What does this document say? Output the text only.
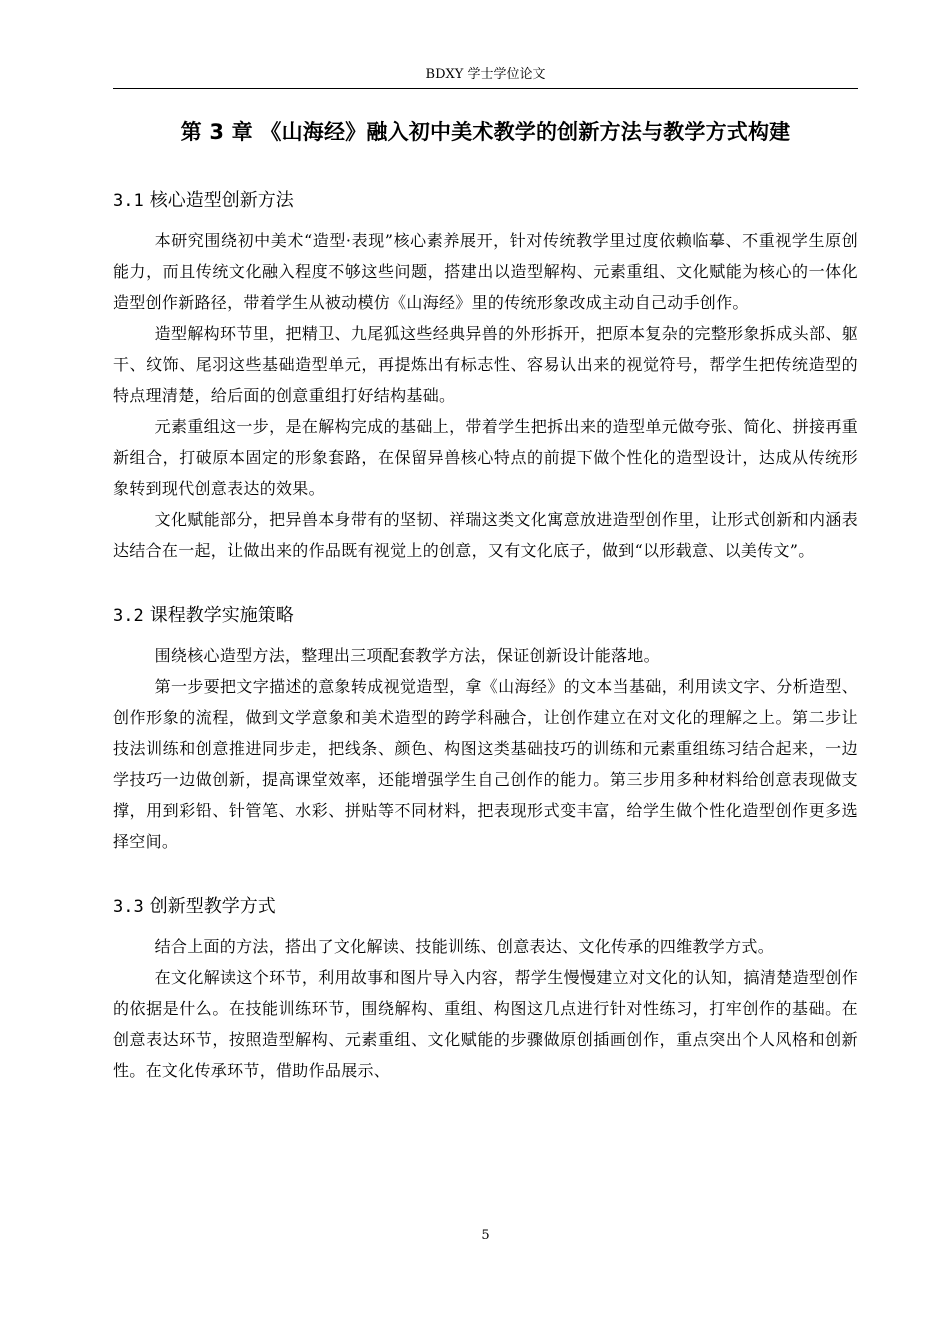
BDXY 学士学位论文
第 3 章 《山海经》融入初中美术教学的创新方法与教学方式构建
3.1 核心造型创新方法

本研究围绕初中美术“造型·表现”核心素养展开，针对传统教学里过度依赖临摹、不重视学生原创能力，而且传统文化融入程度不够这些问题，搭建出以造型解构、元素重组、文化赋能为核心的一体化造型创作新路径，带着学生从被动模仿《山海经》里的传统形象改成主动自己动手创作。

造型解构环节里，把精卫、九尾狐这些经典异兽的外形拆开，把原本复杂的完整形象拆成头部、躯干、纹饰、尾羽这些基础造型单元，再提炼出有标志性、容易认出来的视觉符号，帮学生把传统造型的特点理清楚，给后面的创意重组打好结构基础。

元素重组这一步，是在解构完成的基础上，带着学生把拆出来的造型单元做夸张、简化、拼接再重新组合，打破原本固定的形象套路，在保留异兽核心特点的前提下做个性化的造型设计，达成从传统形象转到现代创意表达的效果。

文化赋能部分，把异兽本身带有的坚韧、祥瑞这类文化寓意放进造型创作里，让形式创新和内涵表达结合在一起，让做出来的作品既有视觉上的创意，又有文化底子，做到“以形载意、以美传文”。

3.2 课程教学实施策略

围绕核心造型方法，整理出三项配套教学方法，保证创新设计能落地。

第一步要把文字描述的意象转成视觉造型，拿《山海经》的文本当基础，利用读文字、分析造型、创作形象的流程，做到文学意象和美术造型的跨学科融合，让创作建立在对文化的理解之上。第二步让技法训练和创意推进同步走，把线条、颜色、构图这类基础技巧的训练和元素重组练习结合起来，一边学技巧一边做创新，提高课堂效率，还能增强学生自己创作的能力。第三步用多种材料给创意表现做支撑，用到彩铅、针管笔、水彩、拼贴等不同材料，把表现形式变丰富，给学生做个性化造型创作更多选择空间。

3.3 创新型教学方式

结合上面的方法，搭出了文化解读、技能训练、创意表达、文化传承的四维教学方式。

在文化解读这个环节，利用故事和图片导入内容，帮学生慢慢建立对文化的认知，搞清楚造型创作的依据是什么。在技能训练环节，围绕解构、重组、构图这几点进行针对性练习，打牢创作的基础。在创意表达环节，按照造型解构、元素重组、文化赋能的步骤做原创插画创作，重点突出个人风格和创新性。在文化传承环节，借助作品展示、

5
